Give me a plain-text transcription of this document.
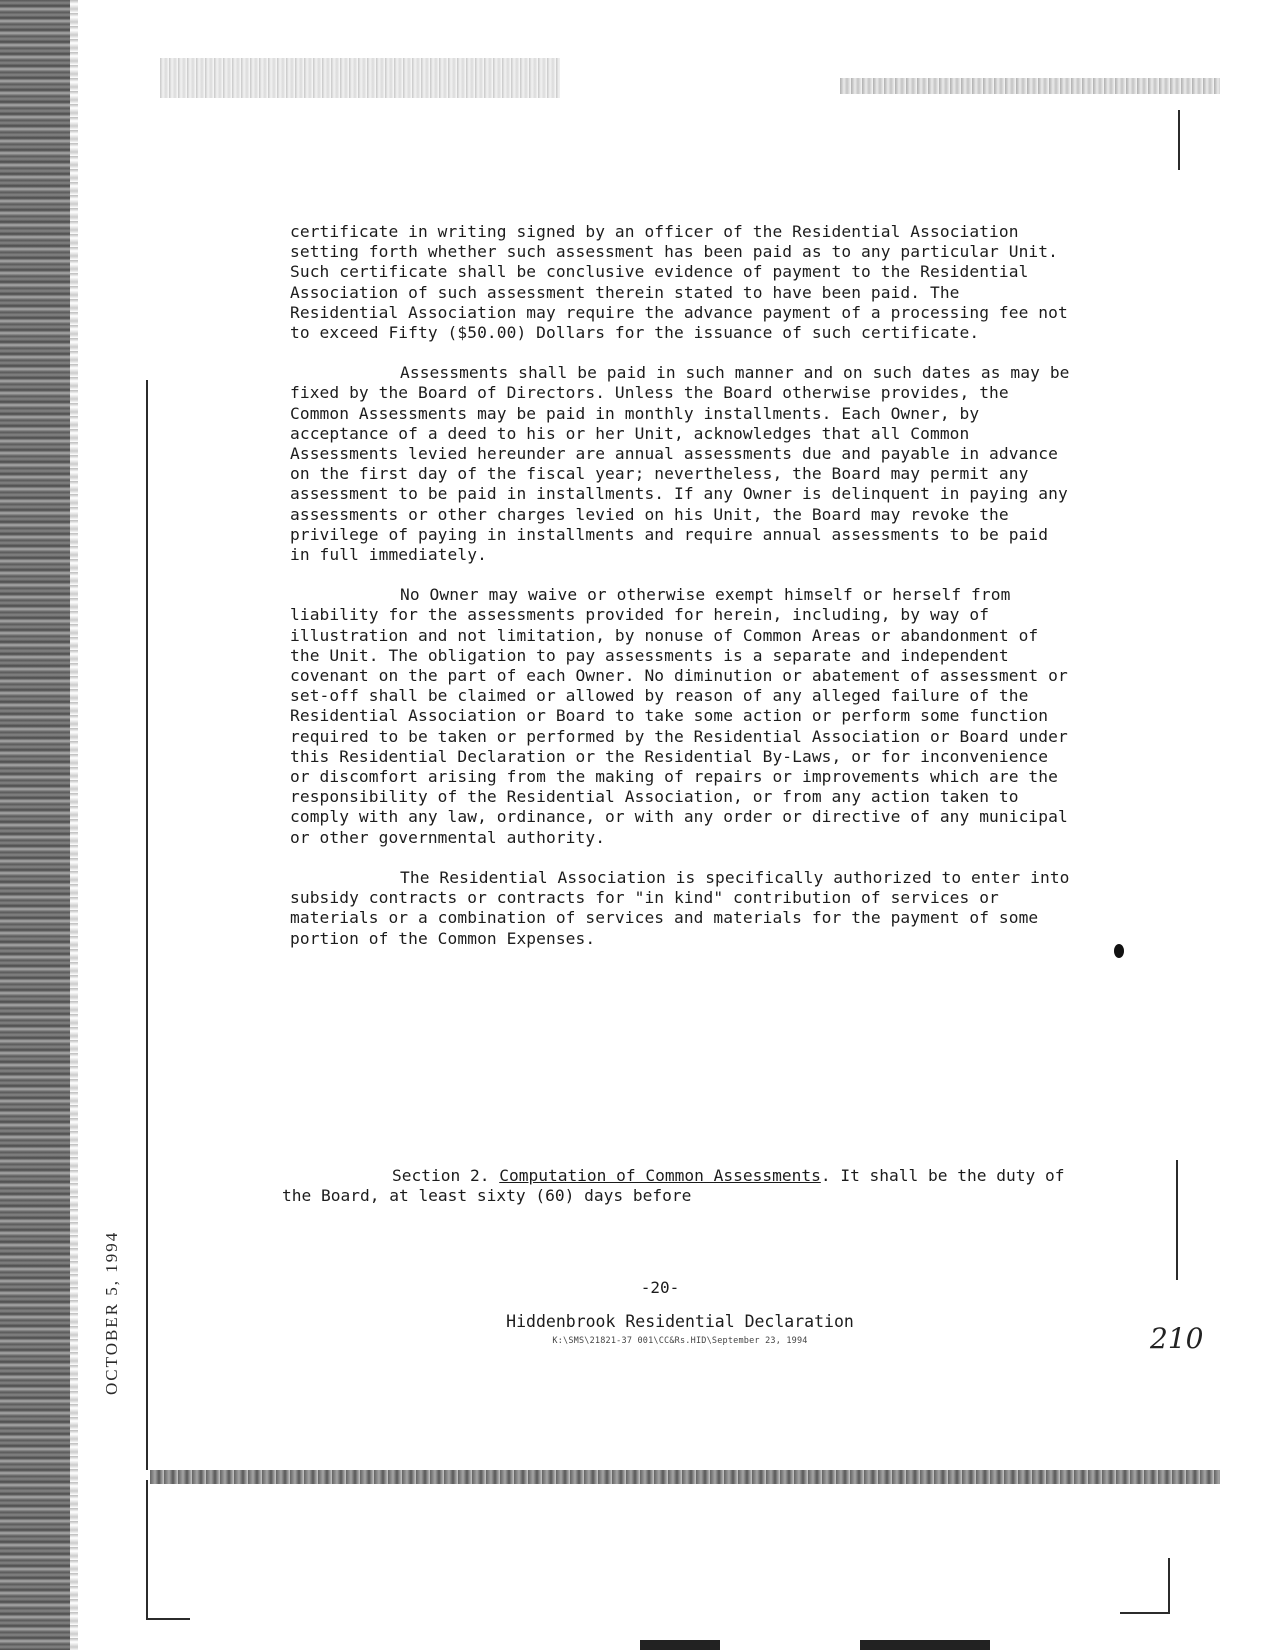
OCTOBER 5, 1994

certificate in writing signed by an officer of the Residential Association setting forth whether such assessment has been paid as to any particular Unit. Such certificate shall be conclusive evidence of payment to the Residential Association of such assessment therein stated to have been paid. The Residential Association may require the advance payment of a processing fee not to exceed Fifty ($50.00) Dollars for the issuance of such certificate.

Assessments shall be paid in such manner and on such dates as may be fixed by the Board of Directors. Unless the Board otherwise provides, the Common Assessments may be paid in monthly installments. Each Owner, by acceptance of a deed to his or her Unit, acknowledges that all Common Assessments levied hereunder are annual assessments due and payable in advance on the first day of the fiscal year; nevertheless, the Board may permit any assessment to be paid in installments. If any Owner is delinquent in paying any assessments or other charges levied on his Unit, the Board may revoke the privilege of paying in installments and require annual assessments to be paid in full immediately.

No Owner may waive or otherwise exempt himself or herself from liability for the assessments provided for herein, including, by way of illustration and not limitation, by nonuse of Common Areas or abandonment of the Unit. The obligation to pay assessments is a separate and independent covenant on the part of each Owner. No diminution or abatement of assessment or set-off shall be claimed or allowed by reason of any alleged failure of the Residential Association or Board to take some action or perform some function required to be taken or performed by the Residential Association or Board under this Residential Declaration or the Residential By-Laws, or for inconvenience or discomfort arising from the making of repairs or improvements which are the responsibility of the Residential Association, or from any action taken to comply with any law, ordinance, or with any order or directive of any municipal or other governmental authority.

The Residential Association is specifically authorized to enter into subsidy contracts or contracts for "in kind" contribution of services or materials or a combination of services and materials for the payment of some portion of the Common Expenses.

Section 2. Computation of Common Assessments. It shall be the duty of the Board, at least sixty (60) days before
-20-
Hiddenbrook Residential Declaration
K:\SMS\21821-37 001\CC&Rs.HID\September 23, 1994	210
